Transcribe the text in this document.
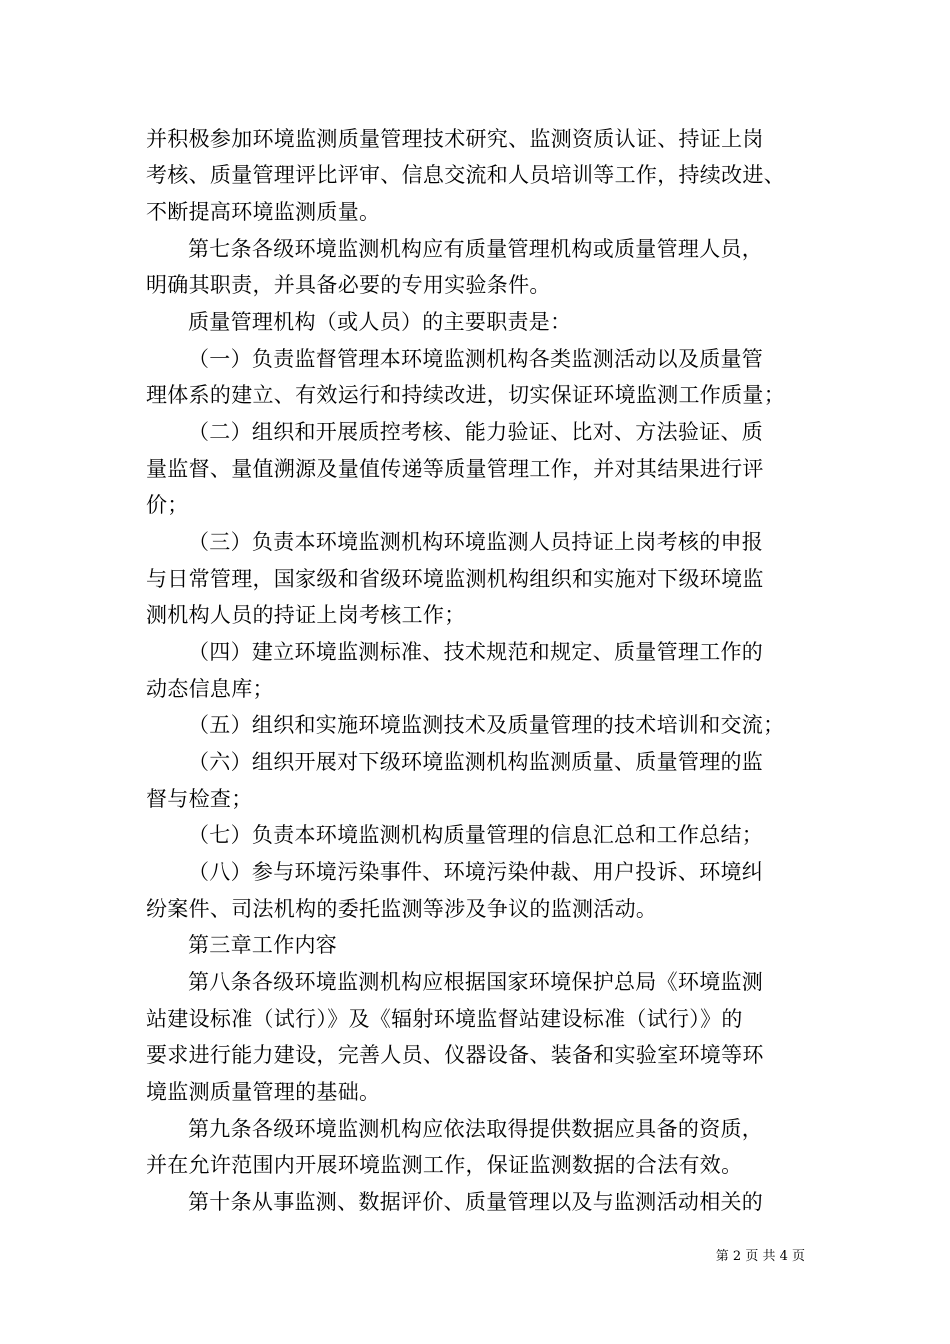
并积极参加环境监测质量管理技术研究、监测资质认证、持证上岗
考核、质量管理评比评审、信息交流和人员培训等工作，持续改进、
不断提高环境监测质量。
第七条各级环境监测机构应有质量管理机构或质量管理人员，
明确其职责，并具备必要的专用实验条件。
质量管理机构（或人员）的主要职责是：
（一）负责监督管理本环境监测机构各类监测活动以及质量管
理体系的建立、有效运行和持续改进，切实保证环境监测工作质量；
（二）组织和开展质控考核、能力验证、比对、方法验证、质
量监督、量值溯源及量值传递等质量管理工作，并对其结果进行评
价；
（三）负责本环境监测机构环境监测人员持证上岗考核的申报
与日常管理，国家级和省级环境监测机构组织和实施对下级环境监
测机构人员的持证上岗考核工作；
（四）建立环境监测标准、技术规范和规定、质量管理工作的
动态信息库；
（五）组织和实施环境监测技术及质量管理的技术培训和交流；
（六）组织开展对下级环境监测机构监测质量、质量管理的监
督与检查；
（七）负责本环境监测机构质量管理的信息汇总和工作总结；
（八）参与环境污染事件、环境污染仲裁、用户投诉、环境纠
纷案件、司法机构的委托监测等涉及争议的监测活动。
第三章工作内容
第八条各级环境监测机构应根据国家环境保护总局《环境监测
站建设标准（试行）》及《辐射环境监督站建设标准（试行）》的
要求进行能力建设，完善人员、仪器设备、装备和实验室环境等环
境监测质量管理的基础。
第九条各级环境监测机构应依法取得提供数据应具备的资质，
并在允许范围内开展环境监测工作，保证监测数据的合法有效。
第十条从事监测、数据评价、质量管理以及与监测活动相关的
第 2 页 共 4 页
